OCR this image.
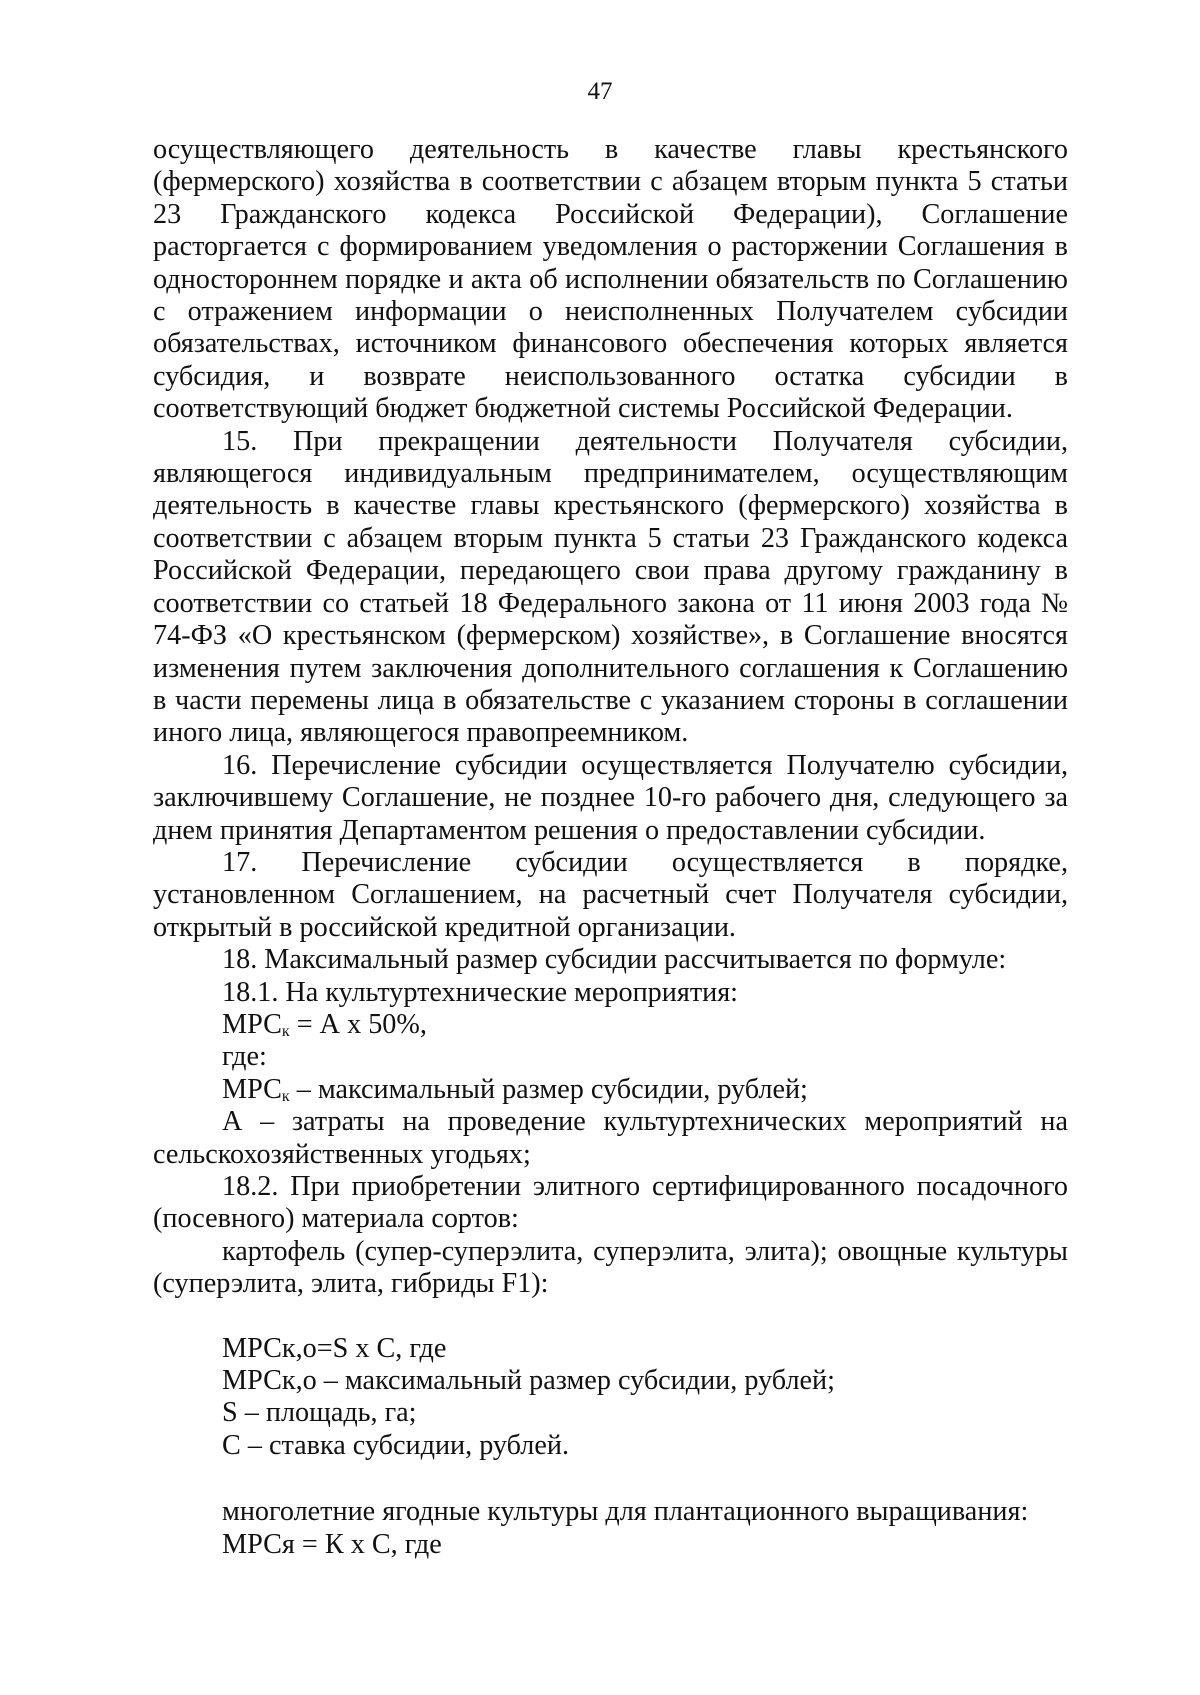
47

осуществляющего деятельность в качестве главы крестьянского (фермерского) хозяйства в соответствии с абзацем вторым пункта 5 статьи 23 Гражданского кодекса Российской Федерации), Соглашение расторгается с формированием уведомления о расторжении Соглашения в одностороннем порядке и акта об исполнении обязательств по Соглашению с отражением информации о неисполненных Получателем субсидии обязательствах, источником финансового обеспечения которых является субсидия, и возврате неиспользованного остатка субсидии в соответствующий бюджет бюджетной системы Российской Федерации.

15. При прекращении деятельности Получателя субсидии, являющегося индивидуальным предпринимателем, осуществляющим деятельность в качестве главы крестьянского (фермерского) хозяйства в соответствии с абзацем вторым пункта 5 статьи 23 Гражданского кодекса Российской Федерации, передающего свои права другому гражданину в соответствии со статьей 18 Федерального закона от 11 июня 2003 года № 74-ФЗ «О крестьянском (фермерском) хозяйстве», в Соглашение вносятся изменения путем заключения дополнительного соглашения к Соглашению в части перемены лица в обязательстве с указанием стороны в соглашении иного лица, являющегося правопреемником.

16. Перечисление субсидии осуществляется Получателю субсидии, заключившему Соглашение, не позднее 10-го рабочего дня, следующего за днем принятия Департаментом решения о предоставлении субсидии.

17. Перечисление субсидии осуществляется в порядке, установленном Соглашением, на расчетный счет Получателя субсидии, открытый в российской кредитной организации.

18. Максимальный размер субсидии рассчитывается по формуле:

18.1. На культуртехнические мероприятия:

$МРС_к = А$ х 50%,

где:

$МРС_к$ – максимальный размер субсидии, рублей;

А – затраты на проведение культуртехнических мероприятий на сельскохозяйственных угодьях;

18.2. При приобретении элитного сертифицированного посадочного (посевного) материала сортов:

картофель (супер-суперэлита, суперэлита, элита); овощные культуры (суперэлита, элита, гибриды F1):

МРСк,о=S х С, где

МРСк,о – максимальный размер субсидии, рублей;

S – площадь, га;

С – ставка субсидии, рублей.

многолетние ягодные культуры для плантационного выращивания:

МРСя = К х С, где
